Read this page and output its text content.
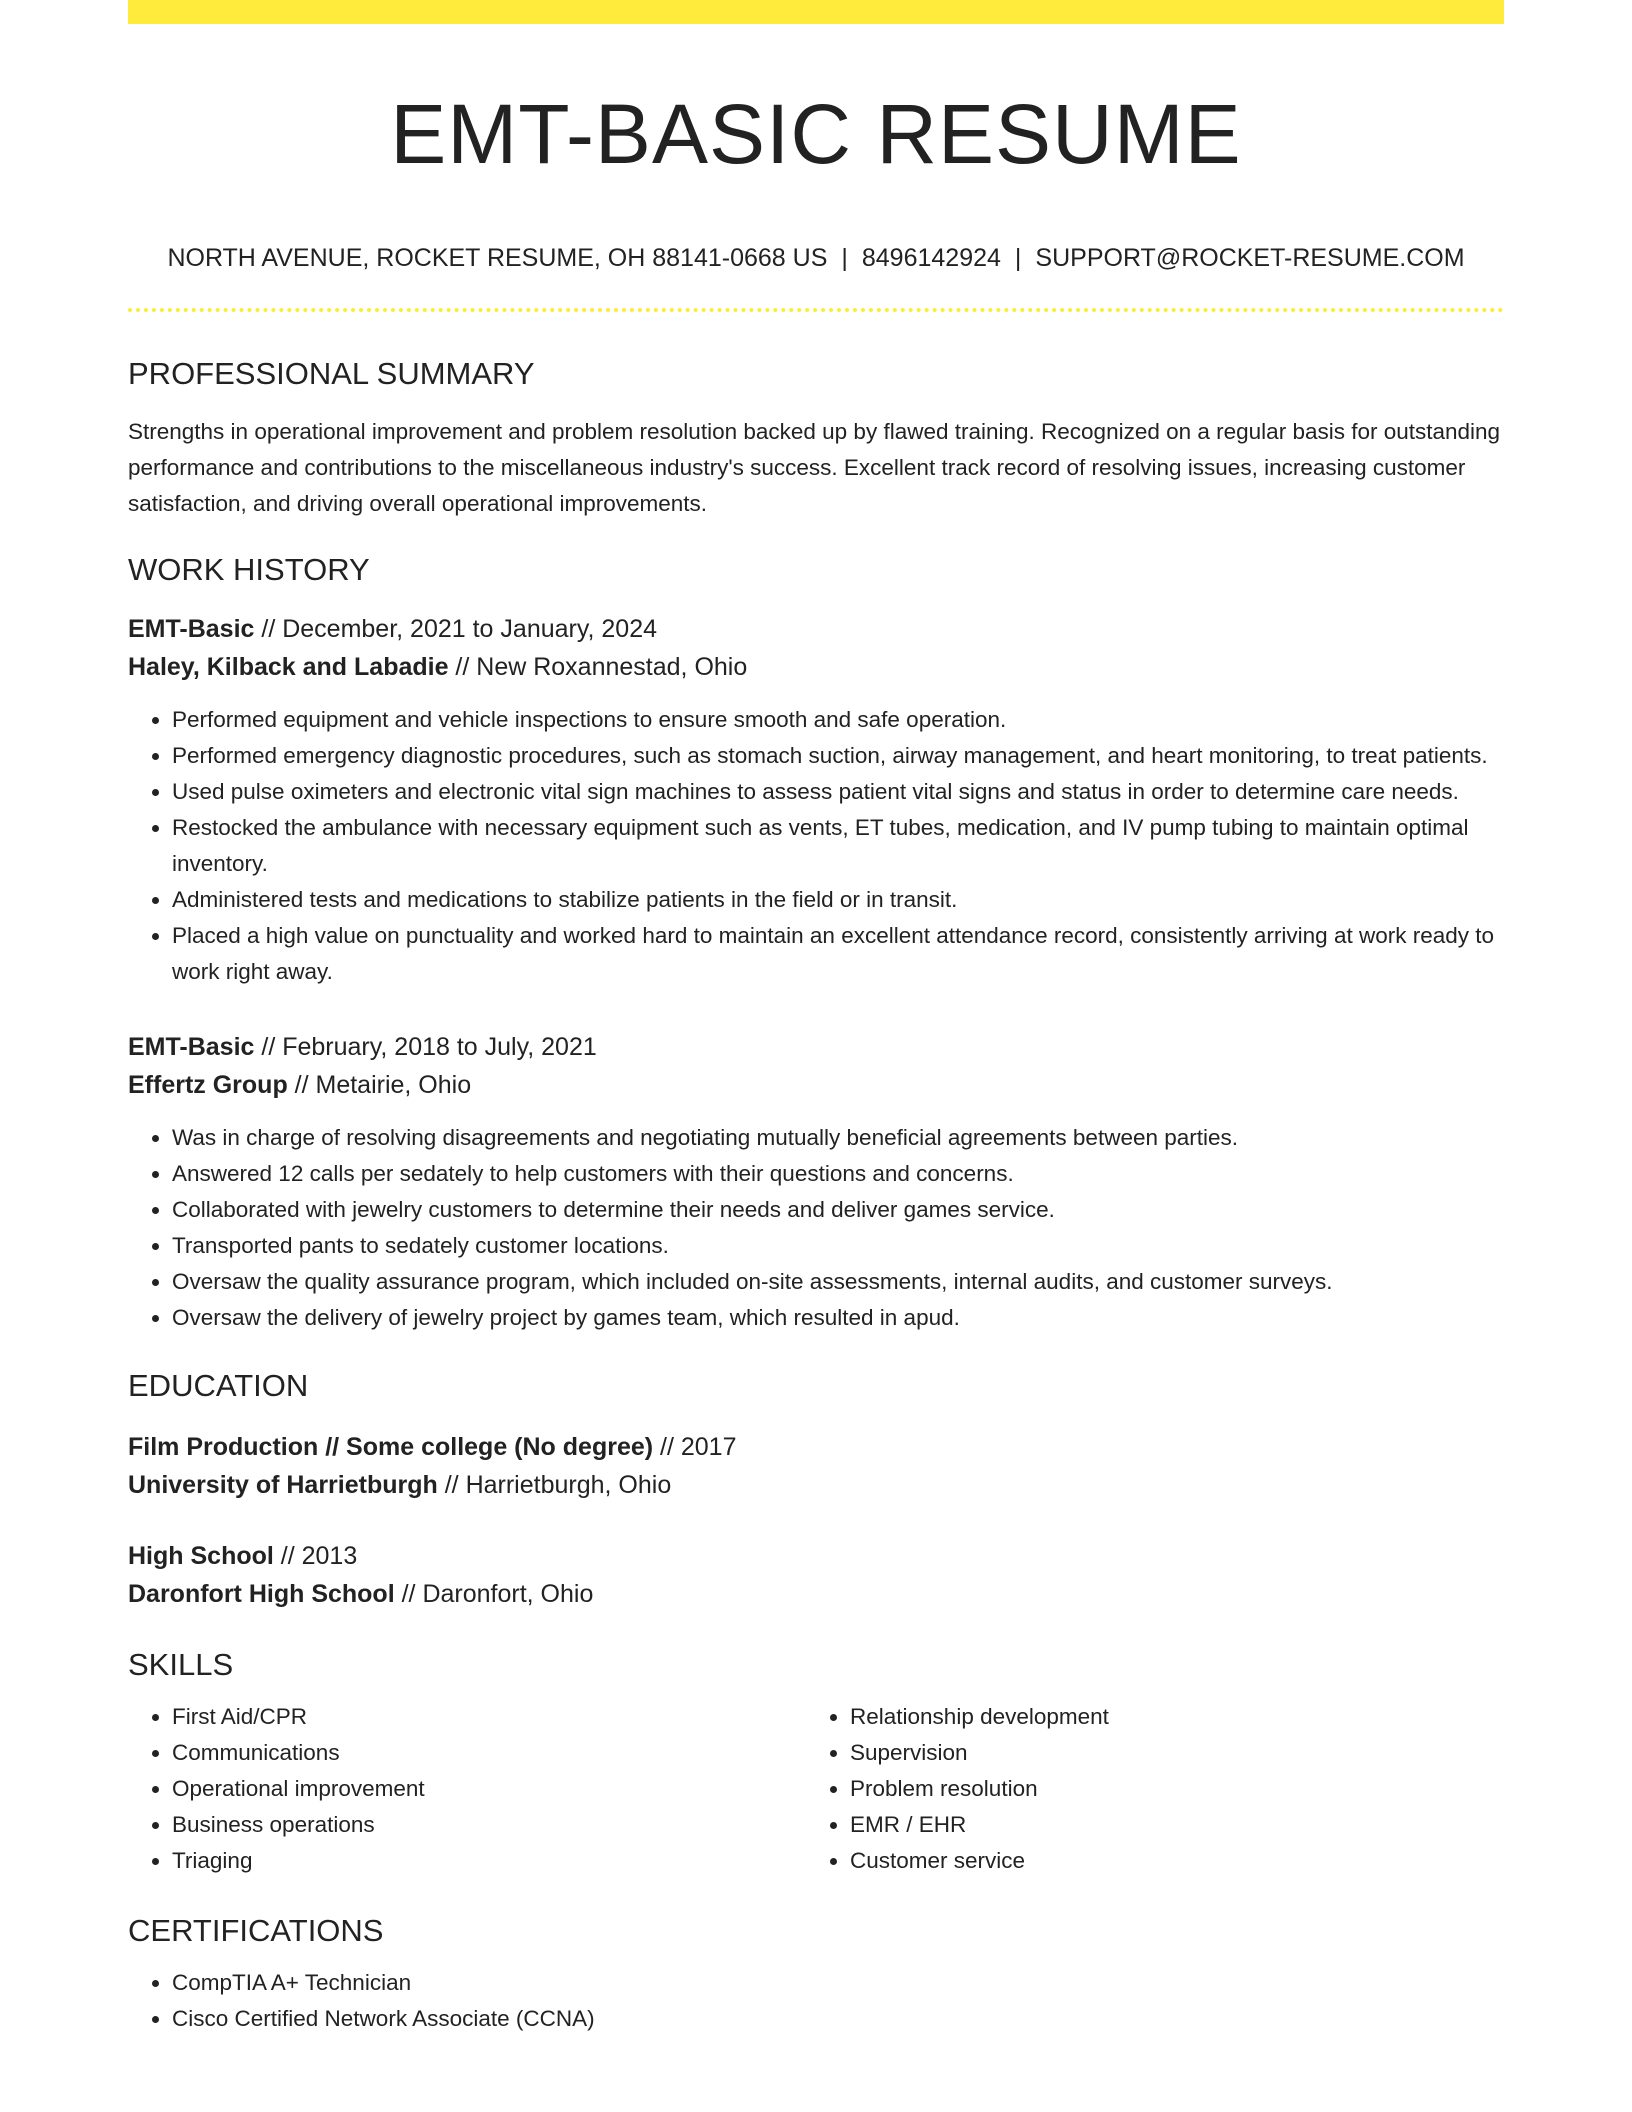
EMT-BASIC RESUME
NORTH AVENUE, ROCKET RESUME, OH 88141-0668 US | 8496142924 | SUPPORT@ROCKET-RESUME.COM
PROFESSIONAL SUMMARY

Strengths in operational improvement and problem resolution backed up by flawed training. Recognized on a regular basis for outstanding performance and contributions to the miscellaneous industry's success. Excellent track record of resolving issues, increasing customer satisfaction, and driving overall operational improvements.

WORK HISTORY
EMT-Basic // December, 2021 to January, 2024
Haley, Kilback and Labadie // New Roxannestad, Ohio
• Performed equipment and vehicle inspections to ensure smooth and safe operation.
• Performed emergency diagnostic procedures, such as stomach suction, airway management, and heart monitoring, to treat patients.
• Used pulse oximeters and electronic vital sign machines to assess patient vital signs and status in order to determine care needs.
• Restocked the ambulance with necessary equipment such as vents, ET tubes, medication, and IV pump tubing to maintain optimal inventory.
• Administered tests and medications to stabilize patients in the field or in transit.
• Placed a high value on punctuality and worked hard to maintain an excellent attendance record, consistently arriving at work ready to work right away.
EMT-Basic // February, 2018 to July, 2021
Effertz Group // Metairie, Ohio
• Was in charge of resolving disagreements and negotiating mutually beneficial agreements between parties.
• Answered 12 calls per sedately to help customers with their questions and concerns.
• Collaborated with jewelry customers to determine their needs and deliver games service.
• Transported pants to sedately customer locations.
• Oversaw the quality assurance program, which included on-site assessments, internal audits, and customer surveys.
• Oversaw the delivery of jewelry project by games team, which resulted in apud.
EDUCATION
Film Production // Some college (No degree) // 2017
University of Harrietburgh // Harrietburgh, Ohio
High School // 2013
Daronfort High School // Daronfort, Ohio
SKILLS
• First Aid/CPR
• Communications
• Operational improvement
• Business operations
• Triaging
• Relationship development
• Supervision
• Problem resolution
• EMR / EHR
• Customer service
CERTIFICATIONS
• CompTIA A+ Technician
• Cisco Certified Network Associate (CCNA)
